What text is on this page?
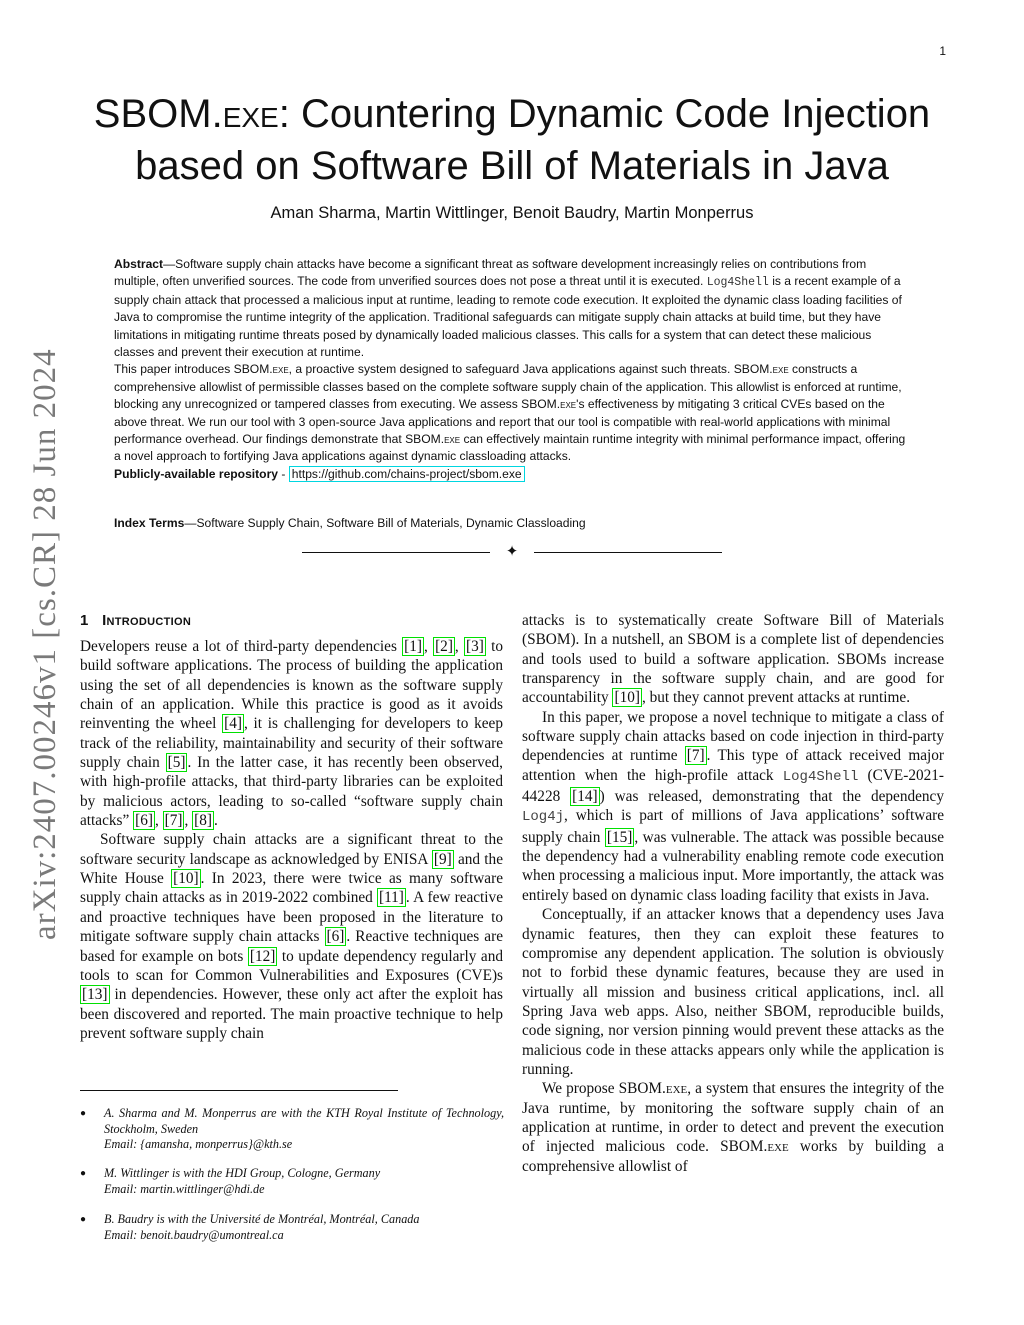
1
arXiv:2407.00246v1 [cs.CR] 28 Jun 2024
SBOM.exe: Countering Dynamic Code Injection
based on Software Bill of Materials in Java
Aman Sharma, Martin Wittlinger, Benoit Baudry, Martin Monperrus

Abstract—Software supply chain attacks have become a significant threat as software development increasingly relies on contributions from multiple, often unverified sources. The code from unverified sources does not pose a threat until it is executed. Log4Shell is a recent example of a supply chain attack that processed a malicious input at runtime, leading to remote code execution. It exploited the dynamic class loading facilities of Java to compromise the runtime integrity of the application. Traditional safeguards can mitigate supply chain attacks at build time, but they have limitations in mitigating runtime threats posed by dynamically loaded malicious classes. This calls for a system that can detect these malicious classes and prevent their execution at runtime.

This paper introduces SBOM.exe, a proactive system designed to safeguard Java applications against such threats. SBOM.exe constructs a comprehensive allowlist of permissible classes based on the complete software supply chain of the application. This allowlist is enforced at runtime, blocking any unrecognized or tampered classes from executing. We assess SBOM.exe's effectiveness by mitigating 3 critical CVEs based on the above threat. We run our tool with 3 open-source Java applications and report that our tool is compatible with real-world applications with minimal performance overhead. Our findings demonstrate that SBOM.exe can effectively maintain runtime integrity with minimal performance impact, offering a novel approach to fortifying Java applications against dynamic classloading attacks.

Publicly-available repository - https://github.com/chains-project/sbom.exe

Index Terms—Software Supply Chain, Software Bill of Materials, Dynamic Classloading
✦
1 Introduction

Developers reuse a lot of third-party dependencies [1] , [2] , [3] to build software applications. The process of building the application using the set of all dependencies is known as the software supply chain of an application. While this practice is good as it avoids reinventing the wheel [4] , it is challenging for developers to keep track of the reliability, maintainability and security of their software supply chain [5] . In the latter case, it has recently been observed, with high-profile attacks, that third-party libraries can be exploited by malicious actors, leading to so-called “software supply chain attacks” [6] , [7] , [8] .

Software supply chain attacks are a significant threat to the software security landscape as acknowledged by ENISA [9] and the White House [10] . In 2023, there were twice as many software supply chain attacks as in 2019-2022 combined [11] . A few reactive and proactive techniques have been proposed in the literature to mitigate software supply chain attacks [6] . Reactive techniques are based for example on bots [12] to update dependency regularly and tools to scan for Common Vulnerabilities and Exposures (CVE)s [13] in dependencies. However, these only act after the exploit has been discovered and reported. The main proactive technique to help prevent software supply chain

attacks is to systematically create Software Bill of Materials (SBOM). In a nutshell, an SBOM is a complete list of dependencies and tools used to build a software application. SBOMs increase transparency in the software supply chain, and are good for accountability [10] , but they cannot prevent attacks at runtime.

In this paper, we propose a novel technique to mitigate a class of software supply chain attacks based on code injection in third-party dependencies at runtime [7] . This type of attack received major attention when the high-profile attack Log4Shell (CVE-2021-44228 [14] ) was released, demonstrating that the dependency Log4j, which is part of millions of Java applications’ software supply chain [15] , was vulnerable. The attack was possible because the dependency had a vulnerability enabling remote code execution when processing a malicious input. More importantly, the attack was entirely based on dynamic class loading facility that exists in Java.

Conceptually, if an attacker knows that a dependency uses Java dynamic features, then they can exploit these features to compromise any dependent application. The solution is obviously not to forbid these dynamic features, because they are used in virtually all mission and business critical applications, incl. all Spring Java web apps. Also, neither SBOM, reproducible builds, code signing, nor version pinning would prevent these attacks as the malicious code in these attacks appears only while the application is running.

We propose SBOM.exe, a system that ensures the integrity of the Java runtime, by monitoring the software supply chain of an application at runtime, in order to detect and prevent the execution of injected malicious code. SBOM.exe works by building a comprehensive allowlist of

● A. Sharma and M. Monperrus are with the KTH Royal Institute of Technology, Stockholm, Sweden
Email: {amansha, monperrus}@kth.se
● M. Wittlinger is with the HDI Group, Cologne, Germany
Email: martin.wittlinger@hdi.de
● B. Baudry is with the Université de Montréal, Montréal, Canada
Email: benoit.baudry@umontreal.ca
